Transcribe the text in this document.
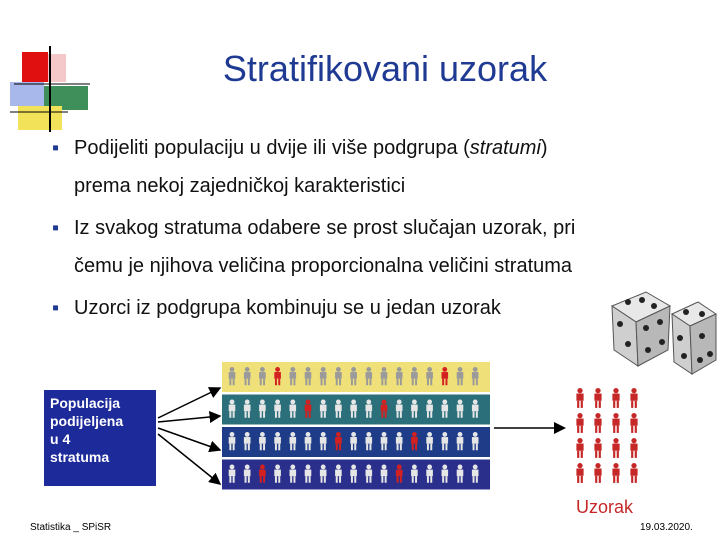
Stratifikovani uzorak
▪ Podijeliti populaciju u dvije ili više podgrupa (stratumi)
prema nekoj zajedničkoj karakteristici
▪ Iz svakog stratuma odabere se prost slučajan uzorak, pri
čemu je njihova veličina proporcionalna veličini stratuma
▪ Uzorci iz podgrupa kombinuju se u jedan uzorak
Populacija
podijeljena
u 4
stratuma
Uzorak
Statistika _ SPiSR	19.03.2020.
